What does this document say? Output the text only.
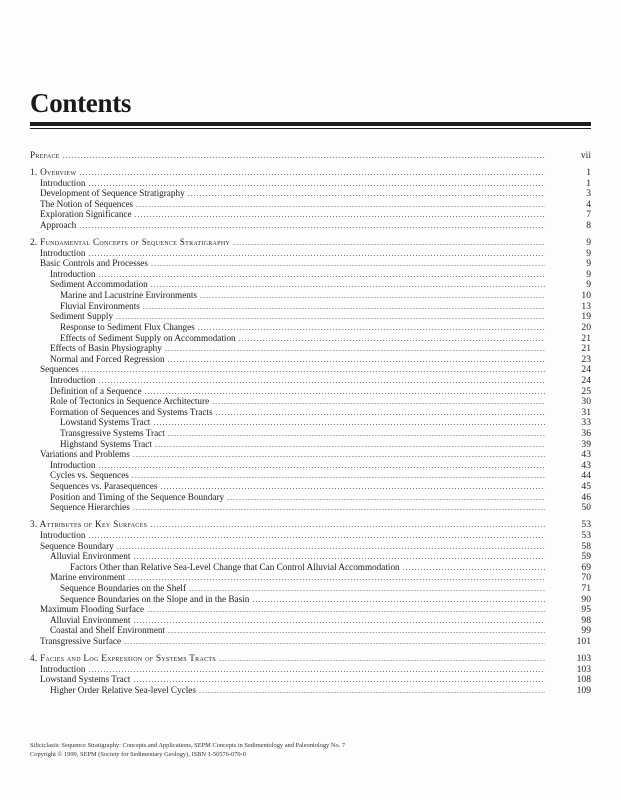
Contents
Preface .....	vii
1. Overview .....	1
Introduction .....	1
Development of Sequence Stratigraphy .....	3
The Notion of Sequences .....	4
Exploration Significance .....	7
Approach .....	8
2. Fundamental Concepts of Sequence Stratigraphy .....	9
Introduction .....	9
Basic Controls and Processes .....	9
Introduction .....	9
Sediment Accommodation .....	9
Marine and Lacustrine Environments .....	10
Fluvial Environments .....	13
Sediment Supply .....	19
Response to Sediment Flux Changes .....	20
Effects of Sediment Supply on Accommodation .....	21
Effects of Basin Physiography .....	21
Normal and Forced Regression .....	23
Sequences .....	24
Introduction .....	24
Definition of a Sequence .....	25
Role of Tectonics in Sequence Architecture .....	30
Formation of Sequences and Systems Tracts .....	31
Lowstand Systems Tract .....	33
Transgressive Systems Tract .....	36
Highstand Systems Tract .....	39
Variations and Problems .....	43
Introduction .....	43
Cycles vs. Sequences .....	44
Sequences vs. Parasequences .....	45
Position and Timing of the Sequence Boundary .....	46
Sequence Hierarchies .....	50
3. Attributes of Key Surfaces .....	53
Introduction .....	53
Sequence Boundary .....	58
Alluvial Environment .....	59
Factors Other than Relative Sea-Level Change that Can Control Alluvial Accommodation .....	69
Marine environment .....	70
Sequence Boundaries on the Shelf .....	71
Sequence Boundaries on the Slope and in the Basin .....	90
Maximum Flooding Surface .....	95
Alluvial Environment .....	98
Coastal and Shelf Environment .....	99
Transgressive Surface .....	101
4. Facies and Log Expression of Systems Tracts .....	103
Introduction .....	103
Lowstand Systems Tract .....	108
Higher Order Relative Sea-level Cycles .....	109
Siliciclastic Sequence Stratigraphy: Concepts and Applications, SEPM Concepts in Sedimentology and Paleontology No. 7
Copyright © 1999, SEPM (Society for Sedimentary Geology), ISBN 1-56576-070-0
